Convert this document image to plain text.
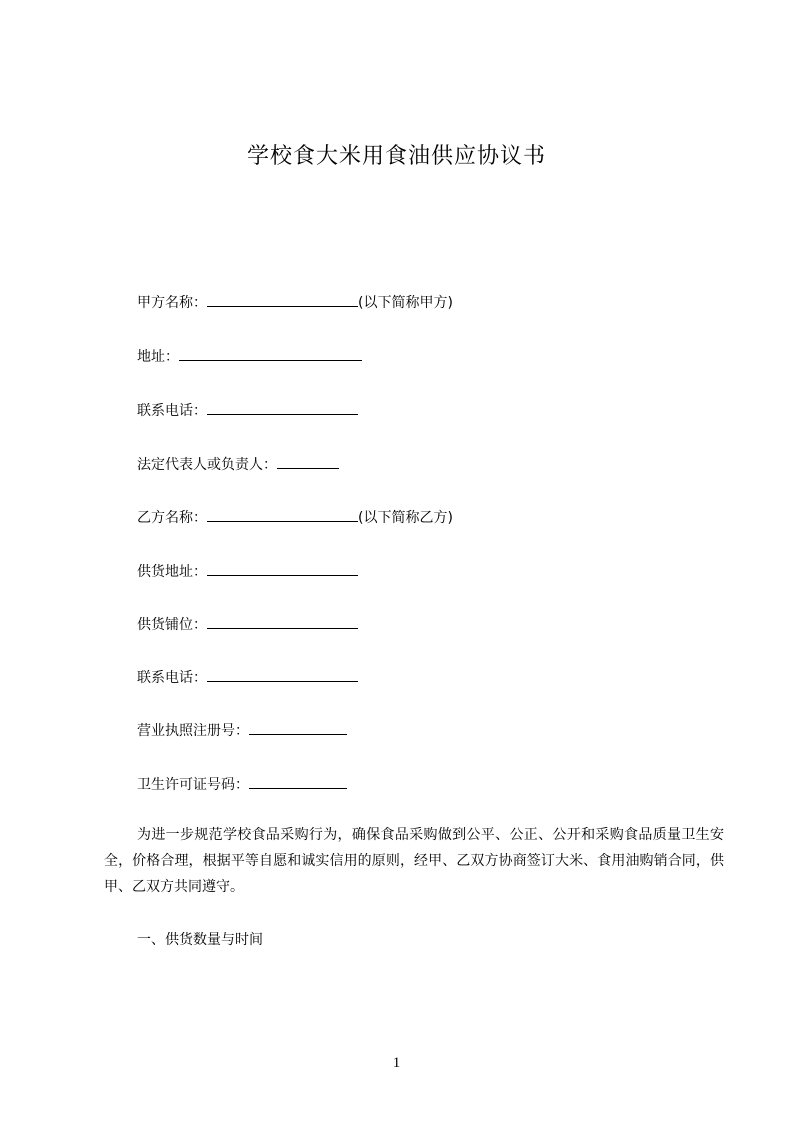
学校食大米用食油供应协议书
甲方名称：	(以下简称甲方)
地址：
联系电话：
法定代表人或负责人：
乙方名称：	(以下简称乙方)
供货地址：
供货铺位：
联系电话：
营业执照注册号：
卫生许可证号码：
为进一步规范学校食品采购行为，确保食品采购做到公平、公正、公开和采购食品质量卫生安全，价格合理，根据平等自愿和诚实信用的原则，经甲、乙双方协商签订大米、食用油购销合同，供甲、乙双方共同遵守。
一、供货数量与时间
1
